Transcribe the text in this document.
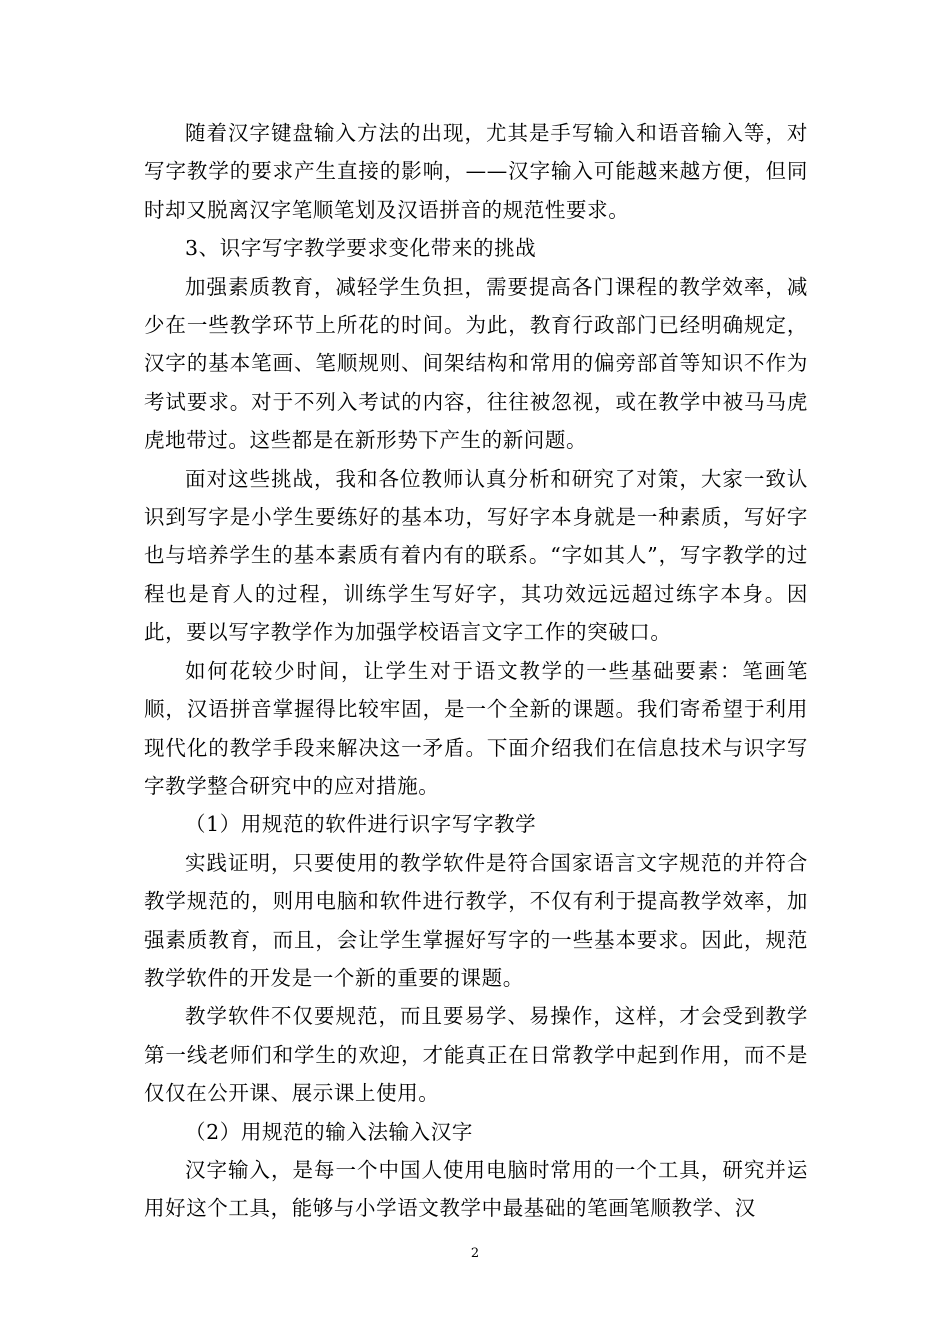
随着汉字键盘输入方法的出现，尤其是手写输入和语音输入等，对写字教学的要求产生直接的影响，——汉字输入可能越来越方便，但同时却又脱离汉字笔顺笔划及汉语拼音的规范性要求。

3、识字写字教学要求变化带来的挑战

加强素质教育，减轻学生负担，需要提高各门课程的教学效率，减少在一些教学环节上所花的时间。为此，教育行政部门已经明确规定，汉字的基本笔画、笔顺规则、间架结构和常用的偏旁部首等知识不作为考试要求。对于不列入考试的内容，往往被忽视，或在教学中被马马虎虎地带过。这些都是在新形势下产生的新问题。

面对这些挑战，我和各位教师认真分析和研究了对策，大家一致认识到写字是小学生要练好的基本功，写好字本身就是一种素质，写好字也与培养学生的基本素质有着内有的联系。“字如其人”，写字教学的过程也是育人的过程，训练学生写好字，其功效远远超过练字本身。因此，要以写字教学作为加强学校语言文字工作的突破口。

如何花较少时间，让学生对于语文教学的一些基础要素：笔画笔顺，汉语拼音掌握得比较牢固，是一个全新的课题。我们寄希望于利用现代化的教学手段来解决这一矛盾。下面介绍我们在信息技术与识字写字教学整合研究中的应对措施。

（1）用规范的软件进行识字写字教学

实践证明，只要使用的教学软件是符合国家语言文字规范的并符合教学规范的，则用电脑和软件进行教学，不仅有利于提高教学效率，加强素质教育，而且，会让学生掌握好写字的一些基本要求。因此，规范教学软件的开发是一个新的重要的课题。

教学软件不仅要规范，而且要易学、易操作，这样，才会受到教学第一线老师们和学生的欢迎，才能真正在日常教学中起到作用，而不是仅仅在公开课、展示课上使用。

（2）用规范的输入法输入汉字

汉字输入，是每一个中国人使用电脑时常用的一个工具，研究并运用好这个工具，能够与小学语文教学中最基础的笔画笔顺教学、汉

2
